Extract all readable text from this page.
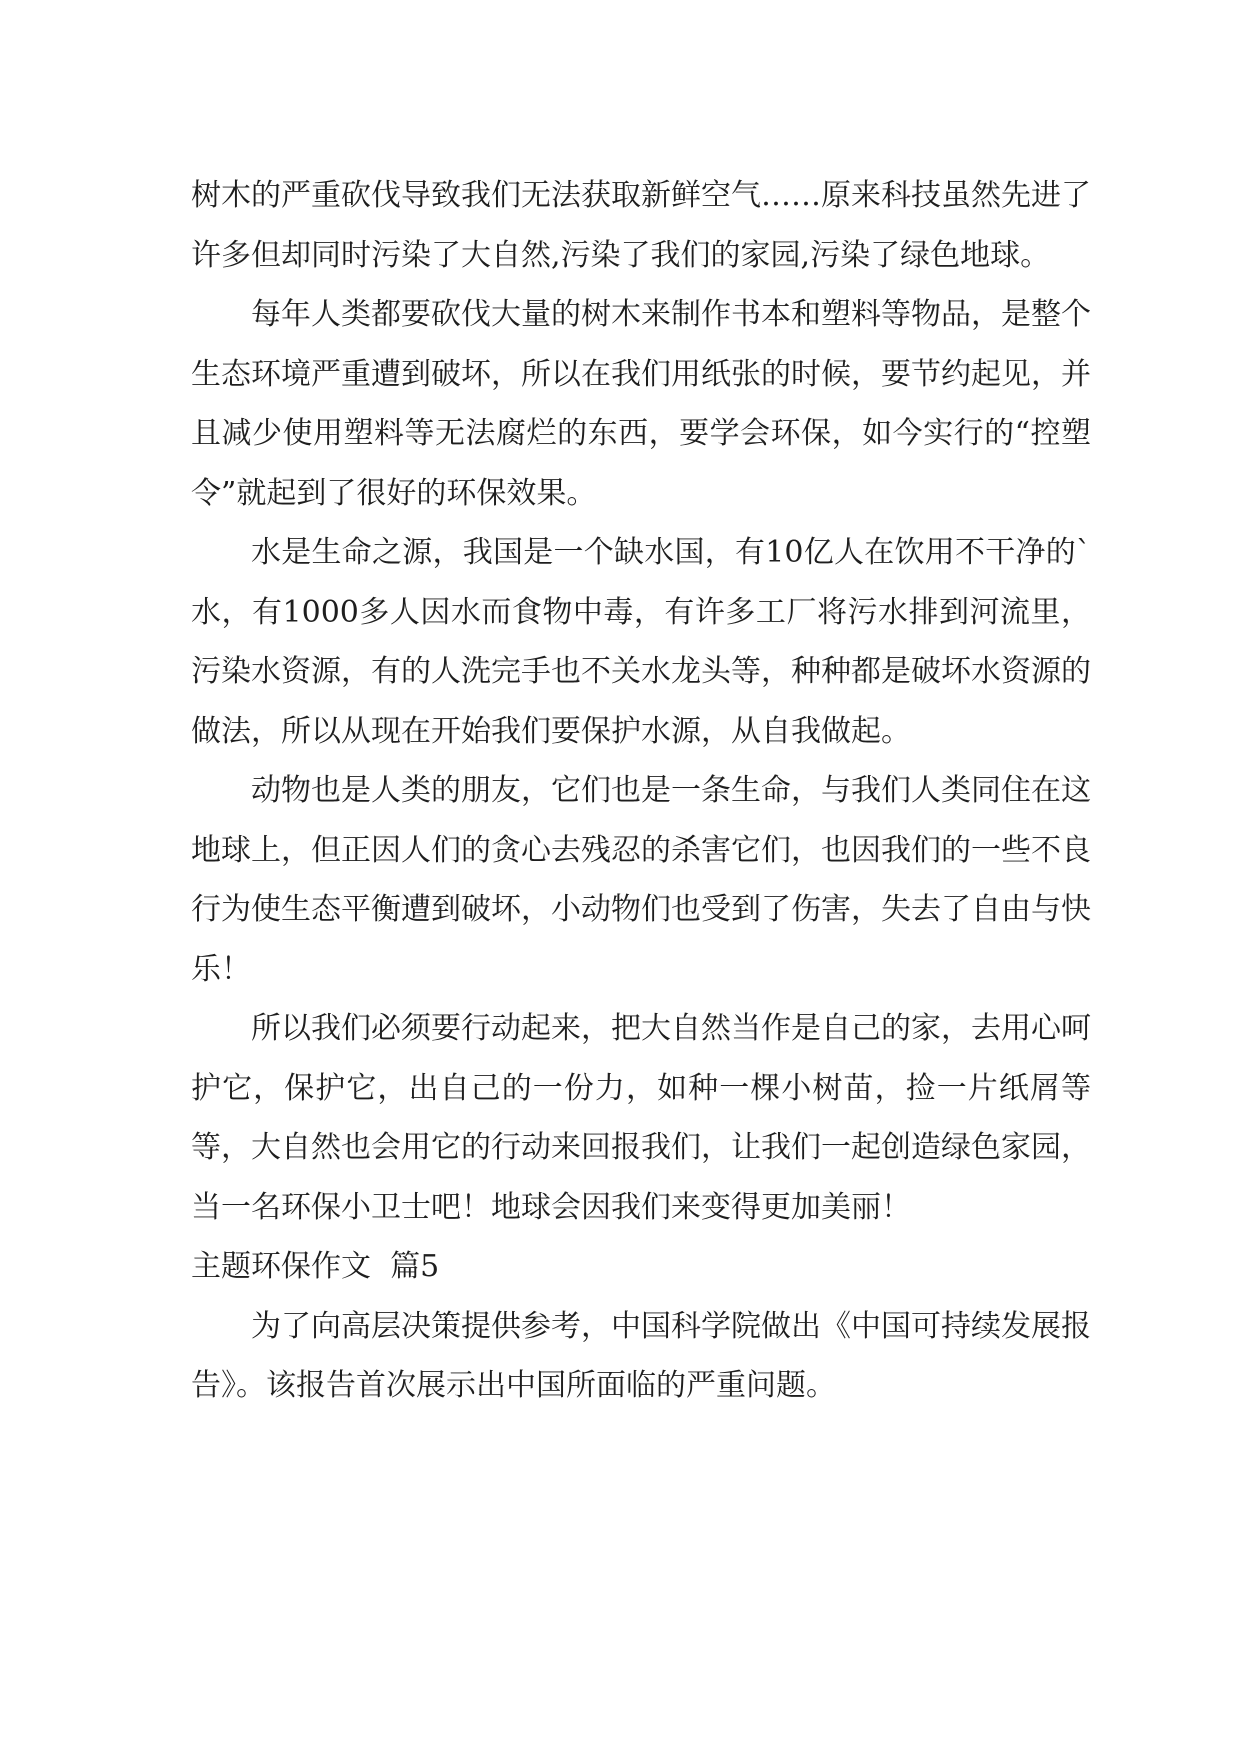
树木的严重砍伐导致我们无法获取新鲜空气……原来科技虽然先进了许多但却同时污染了大自然,污染了我们的家园,污染了绿色地球。

每年人类都要砍伐大量的树木来制作书本和塑料等物品，是整个生态环境严重遭到破坏，所以在我们用纸张的时候，要节约起见，并且减少使用塑料等无法腐烂的东西，要学会环保，如今实行的“控塑令”就起到了很好的环保效果。

水是生命之源，我国是一个缺水国，有10亿人在饮用不干净的`水，有1000多人因水而食物中毒，有许多工厂将污水排到河流里，污染水资源，有的人洗完手也不关水龙头等，种种都是破坏水资源的做法，所以从现在开始我们要保护水源，从自我做起。

动物也是人类的朋友，它们也是一条生命，与我们人类同住在这地球上，但正因人们的贪心去残忍的杀害它们，也因我们的一些不良行为使生态平衡遭到破坏，小动物们也受到了伤害，失去了自由与快乐！

所以我们必须要行动起来，把大自然当作是自己的家，去用心呵护它，保护它，出自己的一份力，如种一棵小树苗，捡一片纸屑等等，大自然也会用它的行动来回报我们，让我们一起创造绿色家园，当一名环保小卫士吧！地球会因我们来变得更加美丽！

主题环保作文  篇5

为了向高层决策提供参考，中国科学院做出《中国可持续发展报告》。该报告首次展示出中国所面临的严重问题。
